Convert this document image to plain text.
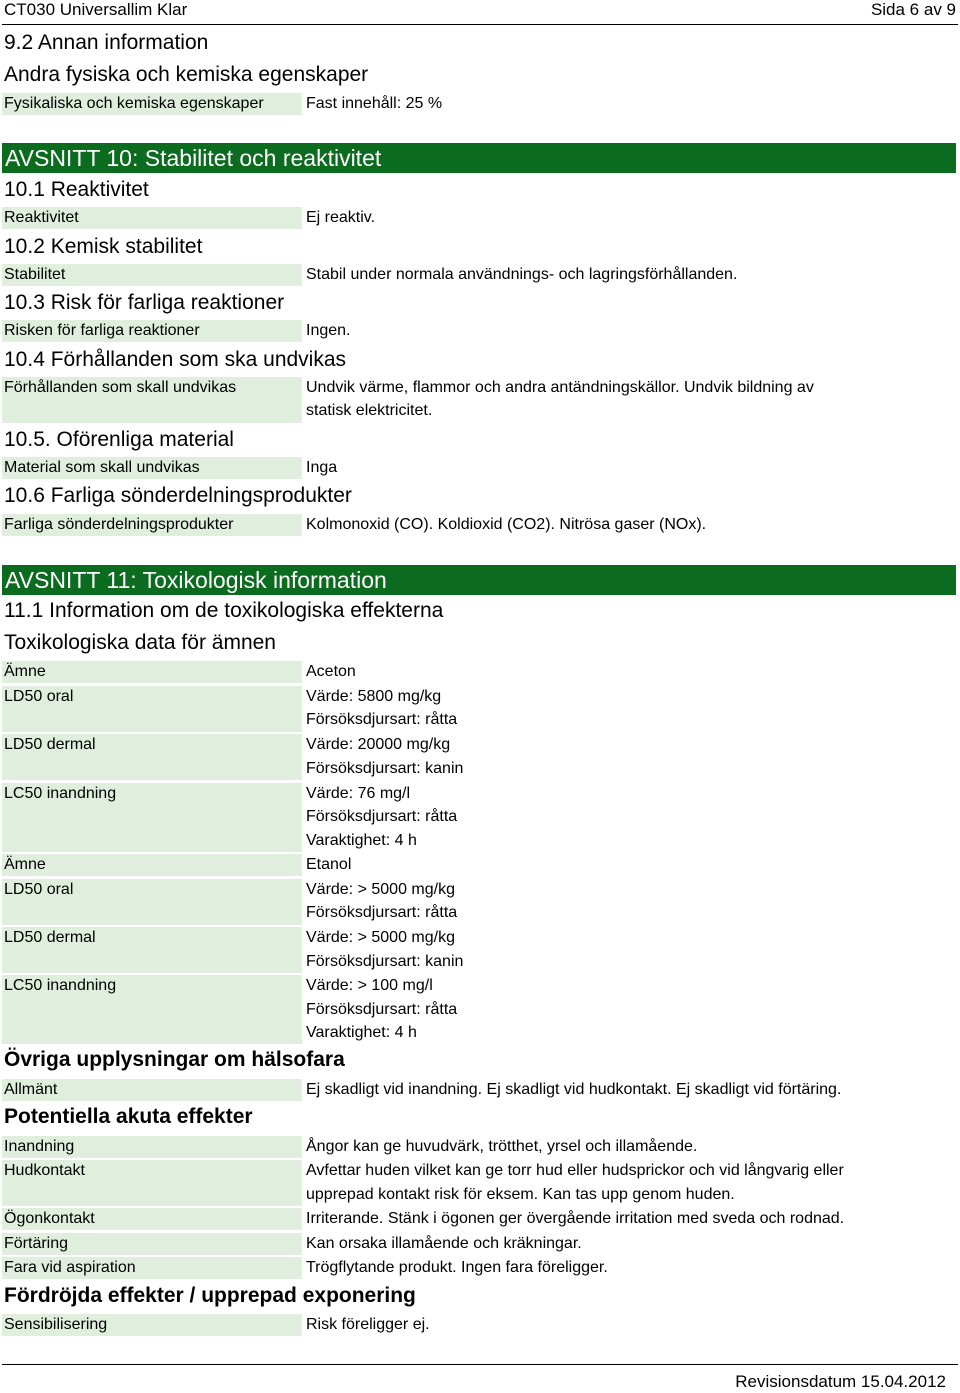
CT030 Universallim Klar	Sida 6 av 9
9.2 Annan information
Andra fysiska och kemiska egenskaper
Fysikaliska och kemiska egenskaper	Fast innehåll: 25 %
AVSNITT 10: Stabilitet och reaktivitet
10.1 Reaktivitet
Reaktivitet	Ej reaktiv.
10.2 Kemisk stabilitet
Stabilitet	Stabil under normala användnings- och lagringsförhållanden.
10.3 Risk för farliga reaktioner
Risken för farliga reaktioner	Ingen.
10.4 Förhållanden som ska undvikas
Förhållanden som skall undvikas	Undvik värme, flammor och andra antändningskällor. Undvik bildning av
statisk elektricitet.
10.5. Oförenliga material
Material som skall undvikas	Inga
10.6 Farliga sönderdelningsprodukter
Farliga sönderdelningsprodukter	Kolmonoxid (CO). Koldioxid (CO2). Nitrösa gaser (NOx).
AVSNITT 11: Toxikologisk information
11.1 Information om de toxikologiska effekterna
Toxikologiska data för ämnen
Ämne	Aceton
LD50 oral	Värde: 5800 mg/kg
Försöksdjursart: råtta
LD50 dermal	Värde: 20000 mg/kg
Försöksdjursart: kanin
LC50 inandning	Värde: 76 mg/l
Försöksdjursart: råtta
Varaktighet: 4 h
Ämne	Etanol
LD50 oral	Värde: > 5000 mg/kg
Försöksdjursart: råtta
LD50 dermal	Värde: > 5000 mg/kg
Försöksdjursart: kanin
LC50 inandning	Värde: > 100 mg/l
Försöksdjursart: råtta
Varaktighet: 4 h
Övriga upplysningar om hälsofara
Allmänt	Ej skadligt vid inandning. Ej skadligt vid hudkontakt. Ej skadligt vid förtäring.
Potentiella akuta effekter
Inandning	Ångor kan ge huvudvärk, trötthet, yrsel och illamående.
Hudkontakt	Avfettar huden vilket kan ge torr hud eller hudsprickor och vid långvarig eller
upprepad kontakt risk för eksem. Kan tas upp genom huden.
Ögonkontakt	Irriterande. Stänk i ögonen ger övergående irritation med sveda och rodnad.
Förtäring	Kan orsaka illamående och kräkningar.
Fara vid aspiration	Trögflytande produkt. Ingen fara föreligger.
Fördröjda effekter / upprepad exponering
Sensibilisering	Risk föreligger ej.
Revisionsdatum 15.04.2012
